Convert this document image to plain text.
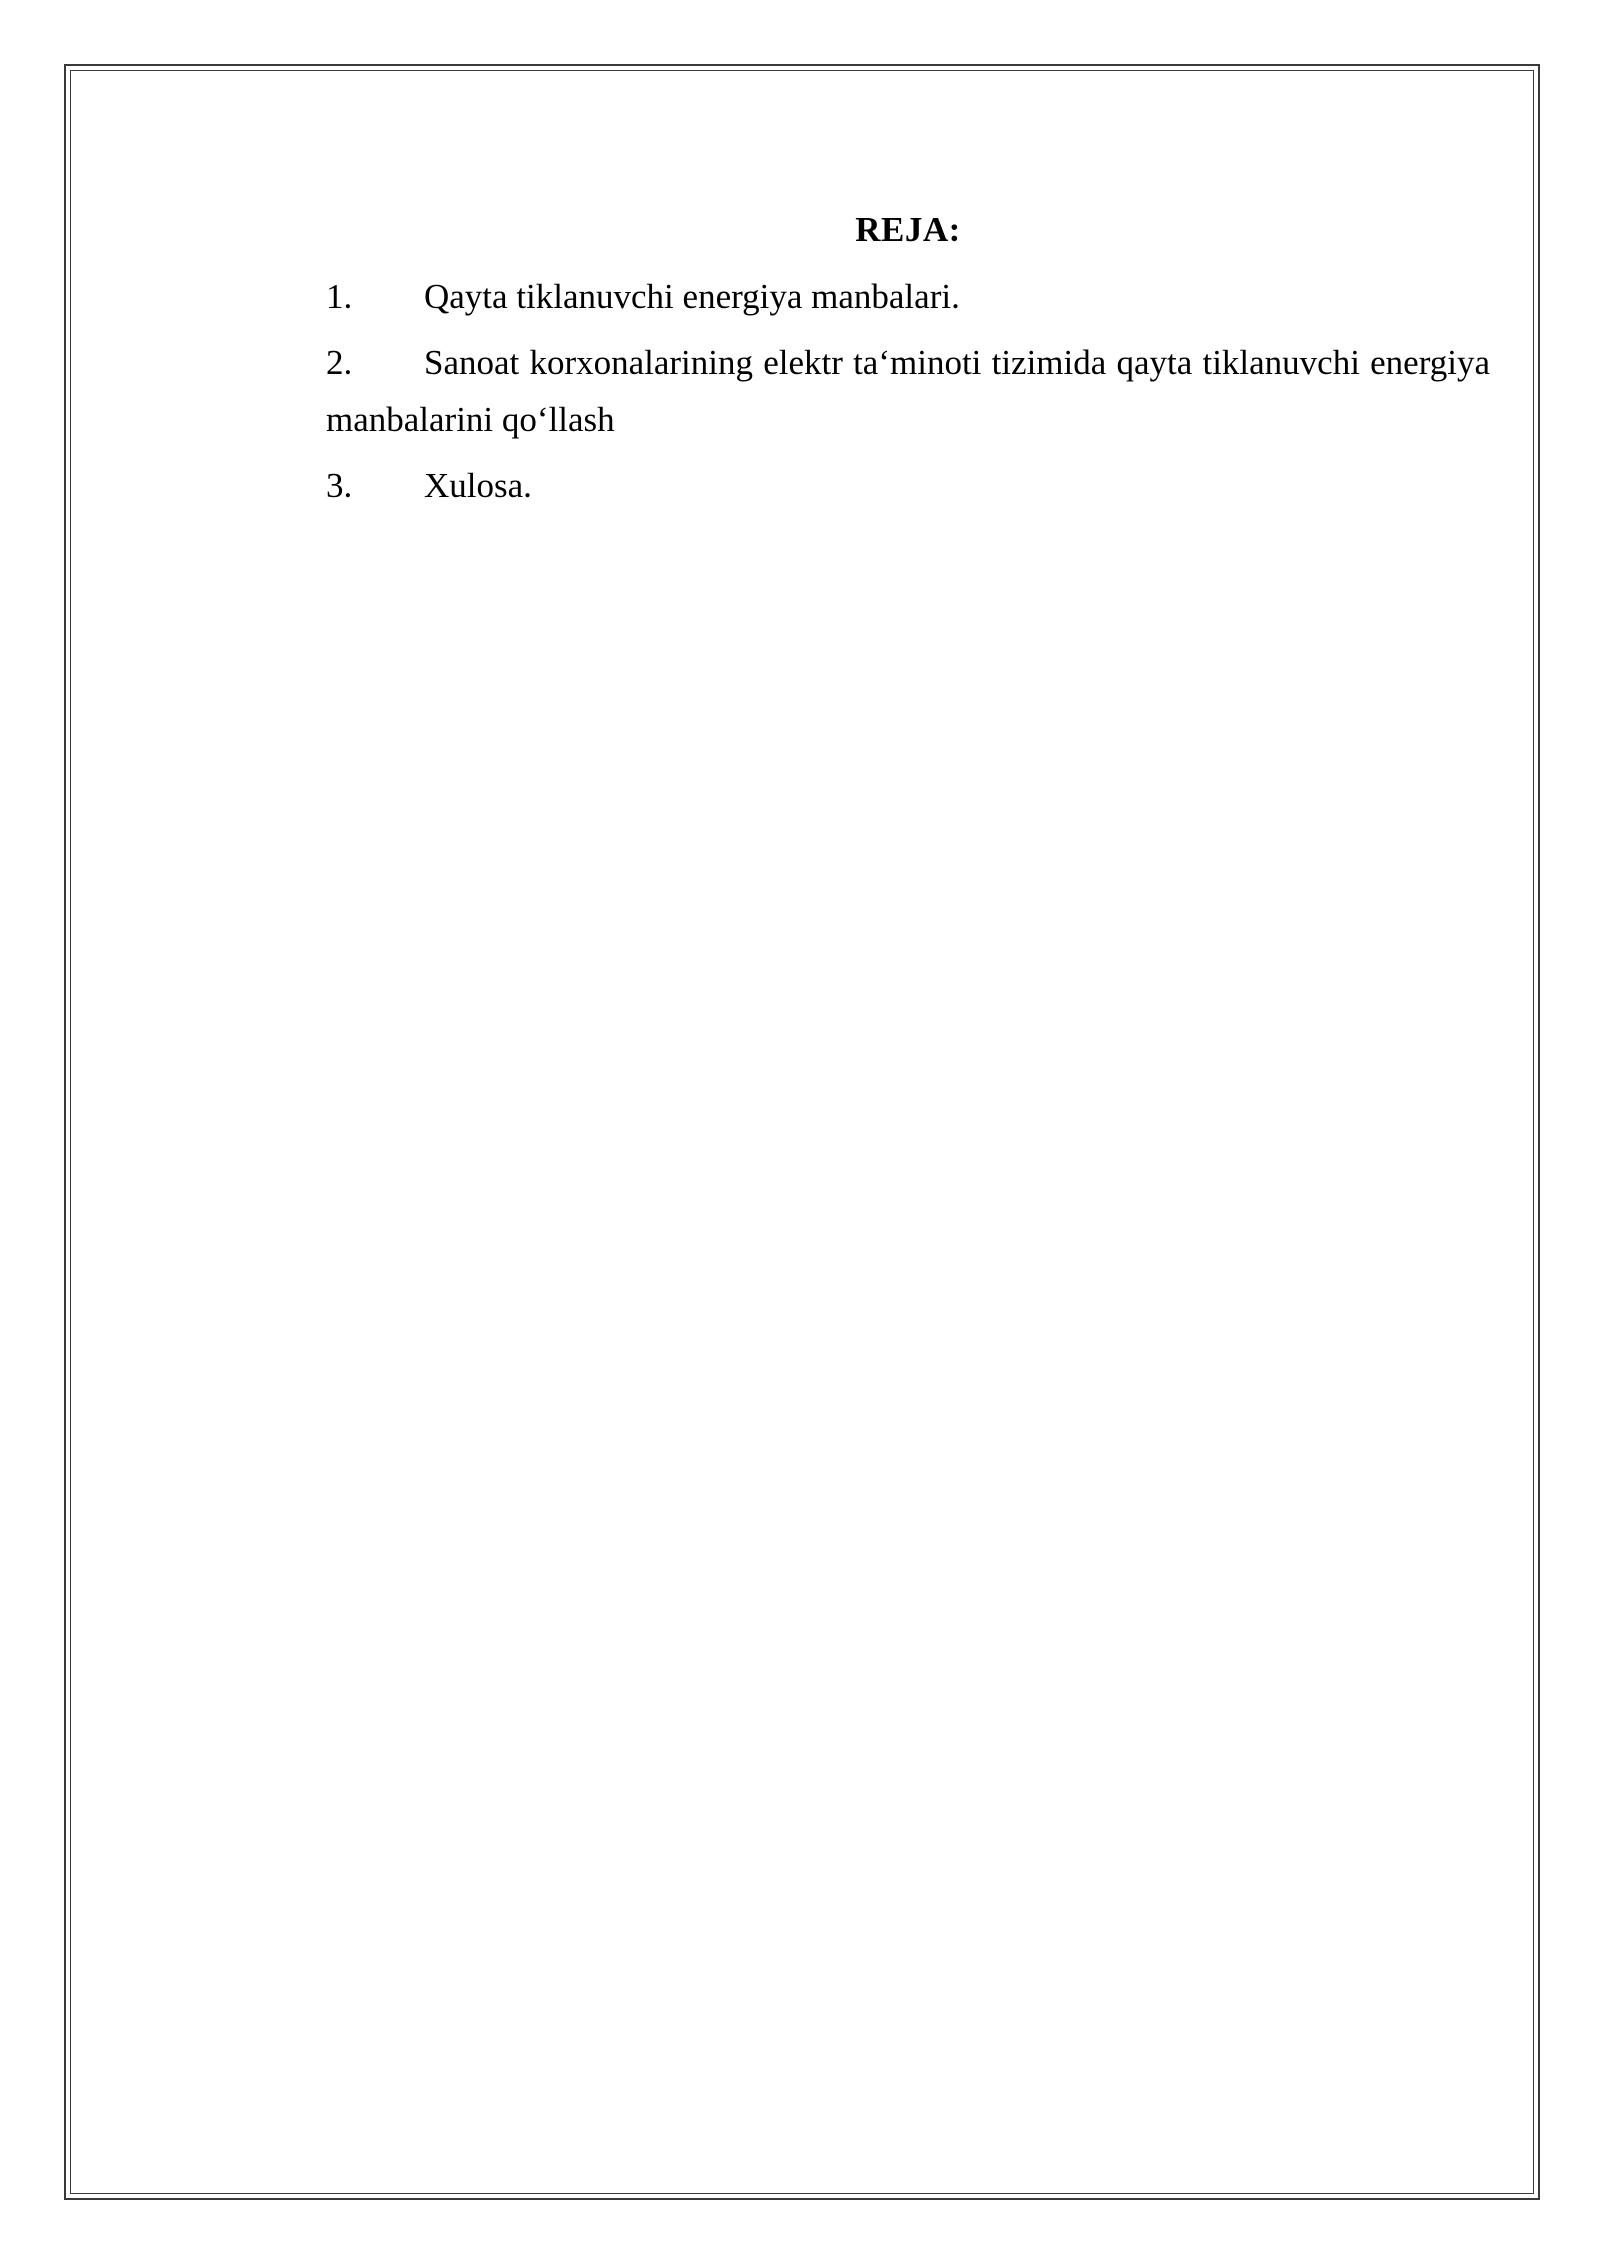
REJA:
1. Qayta tiklanuvchi energiya manbalari.
2. Sanoat korxonalarining elektr ta‘minoti tizimida qayta tiklanuvchi energiya manbalarini qo‘llash
3. Xulosa.
